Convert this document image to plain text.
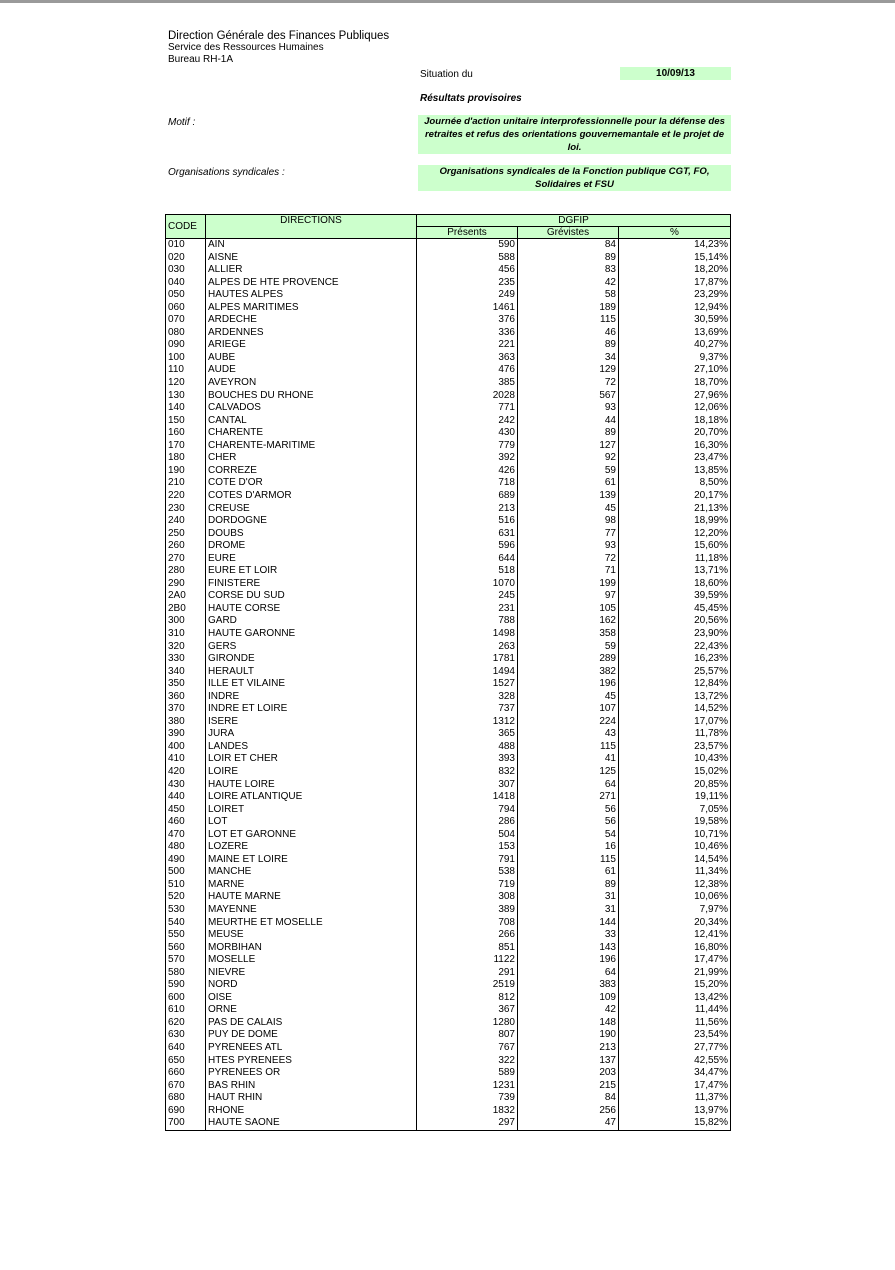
Direction Générale des Finances Publiques
Service des Ressources Humaines
Bureau RH-1A
Situation du	10/09/13
Résultats provisoires
Motif :	Journée d'action unitaire interprofessionnelle pour la défense des retraites et refus des orientations gouvernemantale et le projet de loi.
Organisations syndicales :	Organisations syndicales de la Fonction publique CGT, FO, Solidaires et FSU
CODE	DIRECTIONS	DGFIP		
		Présents	Grévistes	%
010	AIN	590	84	14,23%
020	AISNE	588	89	15,14%
030	ALLIER	456	83	18,20%
040	ALPES DE HTE PROVENCE	235	42	17,87%
050	HAUTES ALPES	249	58	23,29%
060	ALPES MARITIMES	1461	189	12,94%
070	ARDECHE	376	115	30,59%
080	ARDENNES	336	46	13,69%
090	ARIEGE	221	89	40,27%
100	AUBE	363	34	9,37%
110	AUDE	476	129	27,10%
120	AVEYRON	385	72	18,70%
130	BOUCHES DU RHONE	2028	567	27,96%
140	CALVADOS	771	93	12,06%
150	CANTAL	242	44	18,18%
160	CHARENTE	430	89	20,70%
170	CHARENTE-MARITIME	779	127	16,30%
180	CHER	392	92	23,47%
190	CORREZE	426	59	13,85%
210	COTE D'OR	718	61	8,50%
220	COTES D'ARMOR	689	139	20,17%
230	CREUSE	213	45	21,13%
240	DORDOGNE	516	98	18,99%
250	DOUBS	631	77	12,20%
260	DROME	596	93	15,60%
270	EURE	644	72	11,18%
280	EURE ET LOIR	518	71	13,71%
290	FINISTERE	1070	199	18,60%
2A0	CORSE DU SUD	245	97	39,59%
2B0	HAUTE CORSE	231	105	45,45%
300	GARD	788	162	20,56%
310	HAUTE GARONNE	1498	358	23,90%
320	GERS	263	59	22,43%
330	GIRONDE	1781	289	16,23%
340	HERAULT	1494	382	25,57%
350	ILLE ET VILAINE	1527	196	12,84%
360	INDRE	328	45	13,72%
370	INDRE ET LOIRE	737	107	14,52%
380	ISERE	1312	224	17,07%
390	JURA	365	43	11,78%
400	LANDES	488	115	23,57%
410	LOIR ET CHER	393	41	10,43%
420	LOIRE	832	125	15,02%
430	HAUTE LOIRE	307	64	20,85%
440	LOIRE ATLANTIQUE	1418	271	19,11%
450	LOIRET	794	56	7,05%
460	LOT	286	56	19,58%
470	LOT ET GARONNE	504	54	10,71%
480	LOZERE	153	16	10,46%
490	MAINE ET LOIRE	791	115	14,54%
500	MANCHE	538	61	11,34%
510	MARNE	719	89	12,38%
520	HAUTE MARNE	308	31	10,06%
530	MAYENNE	389	31	7,97%
540	MEURTHE ET MOSELLE	708	144	20,34%
550	MEUSE	266	33	12,41%
560	MORBIHAN	851	143	16,80%
570	MOSELLE	1122	196	17,47%
580	NIEVRE	291	64	21,99%
590	NORD	2519	383	15,20%
600	OISE	812	109	13,42%
610	ORNE	367	42	11,44%
620	PAS DE CALAIS	1280	148	11,56%
630	PUY DE DOME	807	190	23,54%
640	PYRENEES ATL	767	213	27,77%
650	HTES PYRENEES	322	137	42,55%
660	PYRENEES OR	589	203	34,47%
670	BAS RHIN	1231	215	17,47%
680	HAUT RHIN	739	84	11,37%
690	RHONE	1832	256	13,97%
700	HAUTE SAONE	297	47	15,82%
